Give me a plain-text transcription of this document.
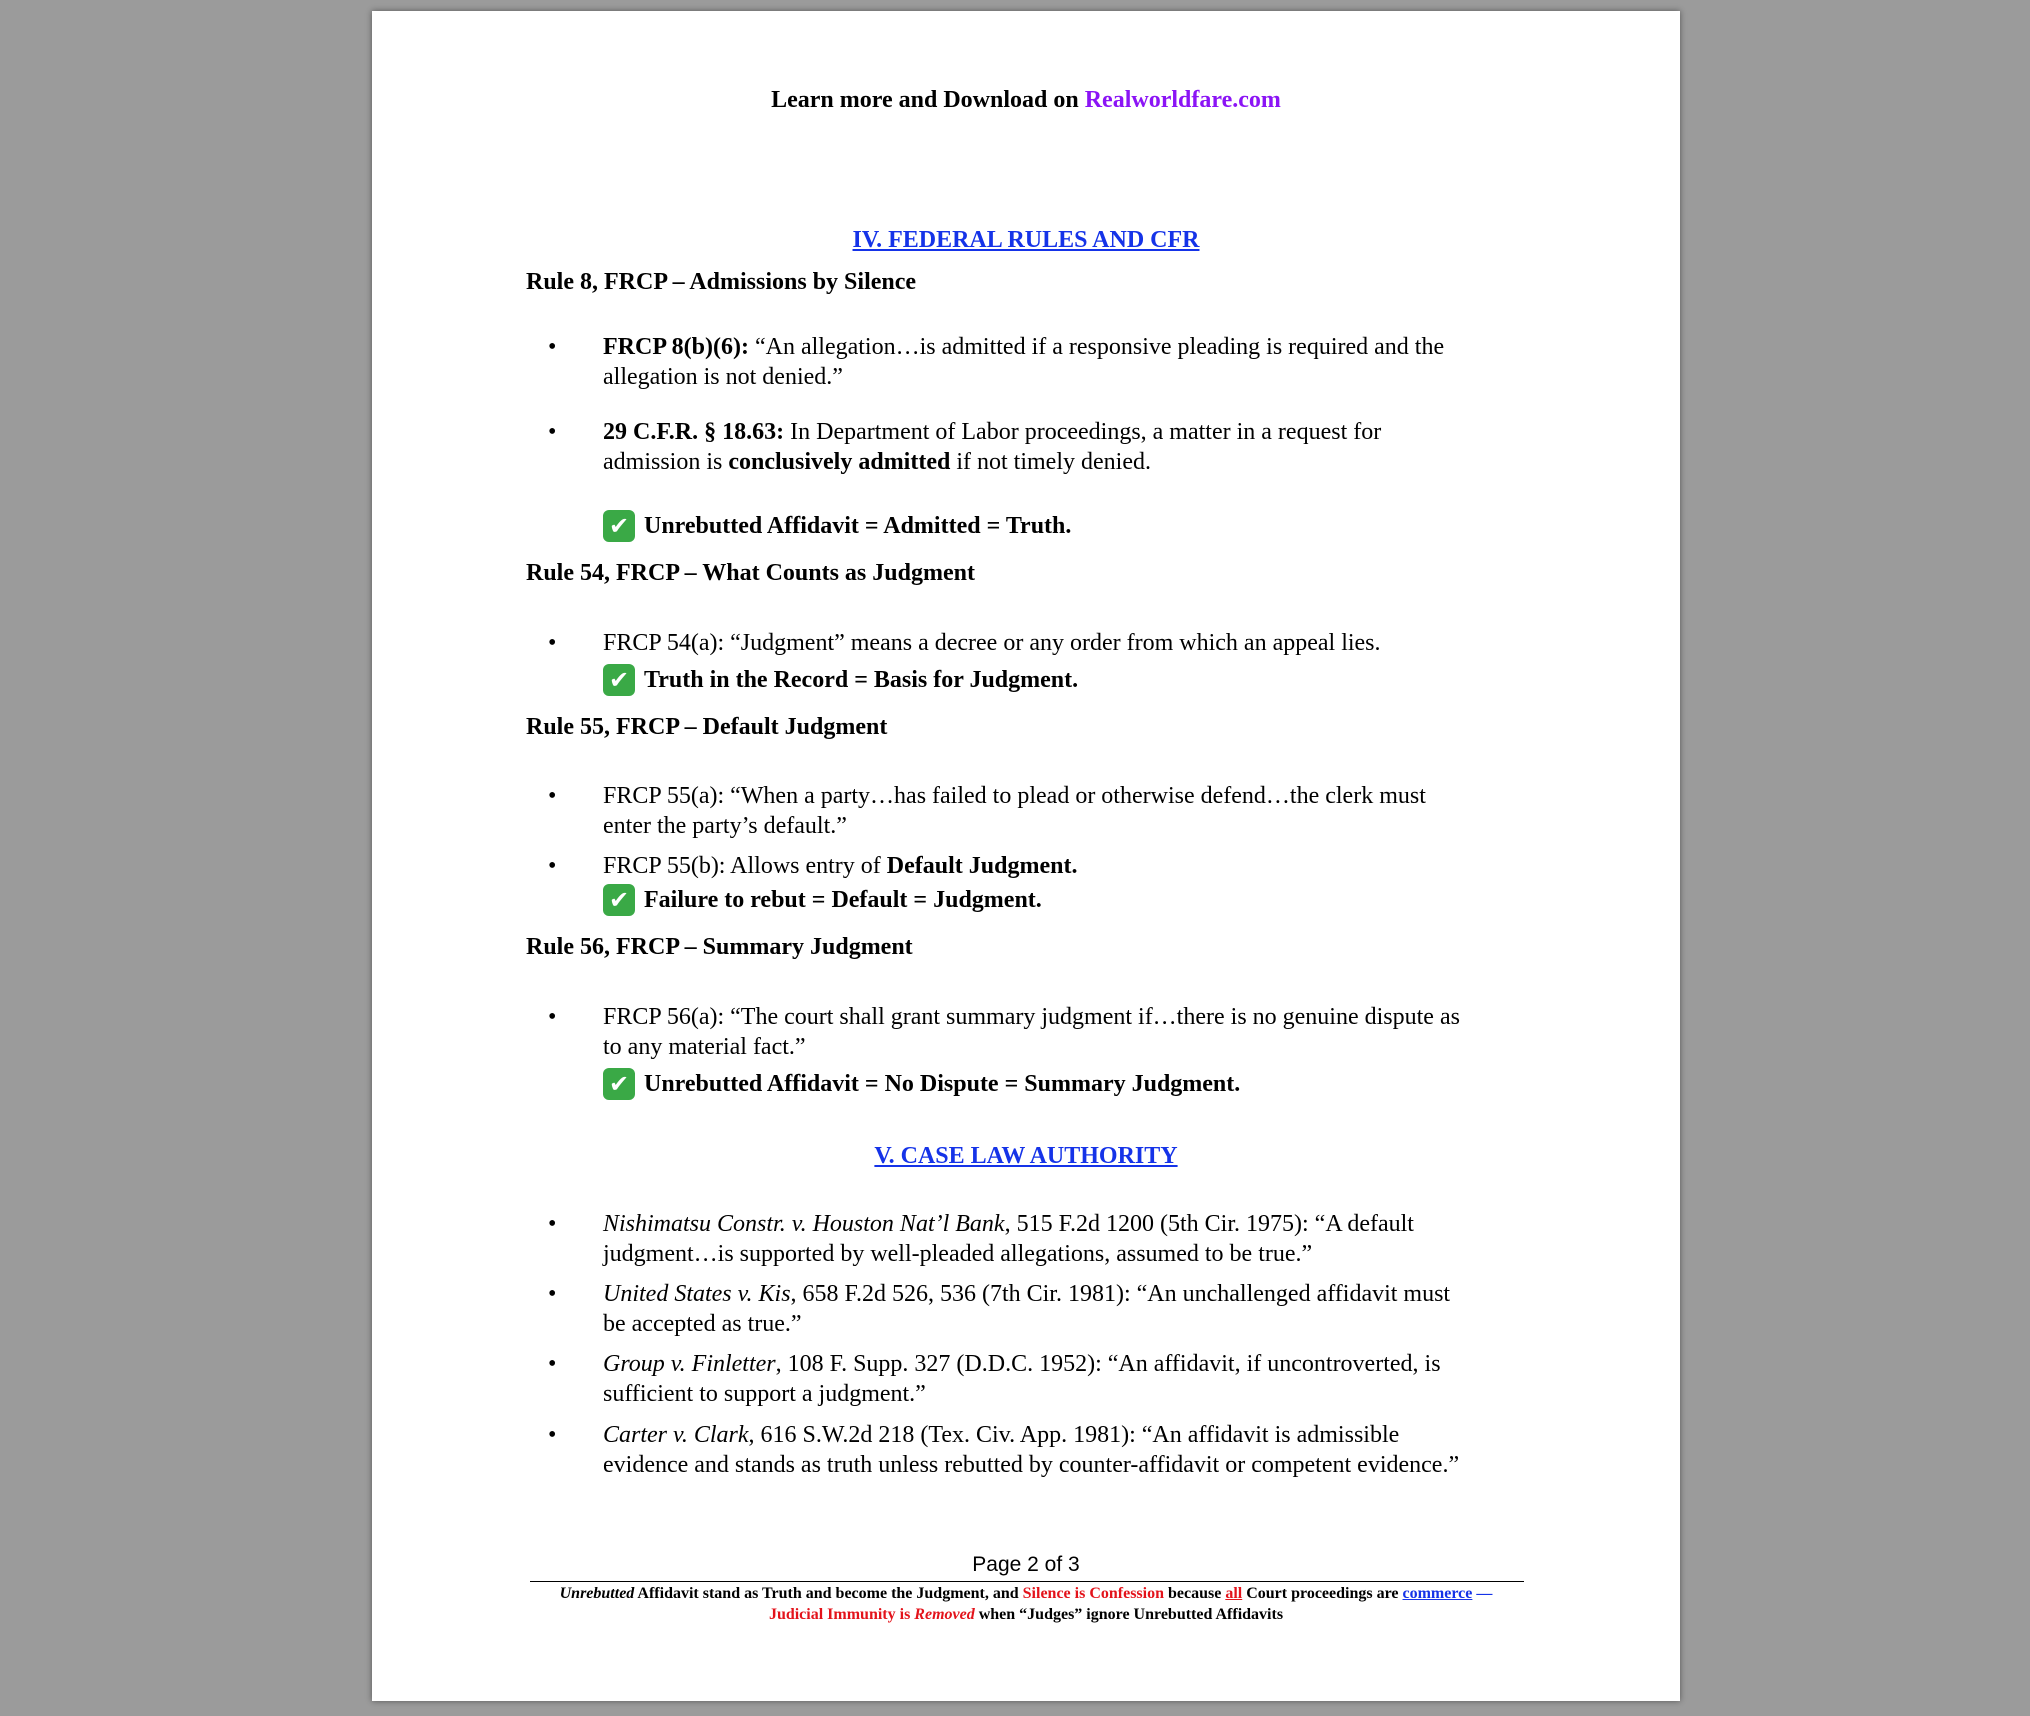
Learn more and Download on Realworldfare.com
IV. FEDERAL RULES AND CFR
Rule 8, FRCP – Admissions by Silence
• FRCP 8(b)(6): “An allegation…is admitted if a responsive pleading is required and the
allegation is not denied.”
• 29 C.F.R. § 18.63: In Department of Labor proceedings, a matter in a request for
admission is conclusively admitted if not timely denied.
✔ Unrebutted Affidavit = Admitted = Truth.
Rule 54, FRCP – What Counts as Judgment
• FRCP 54(a): “Judgment” means a decree or any order from which an appeal lies.
✔ Truth in the Record = Basis for Judgment.
Rule 55, FRCP – Default Judgment
• FRCP 55(a): “When a party…has failed to plead or otherwise defend…the clerk must
enter the party’s default.”
• FRCP 55(b): Allows entry of Default Judgment.
✔ Failure to rebut = Default = Judgment.
Rule 56, FRCP – Summary Judgment
• FRCP 56(a): “The court shall grant summary judgment if…there is no genuine dispute as
to any material fact.”
✔ Unrebutted Affidavit = No Dispute = Summary Judgment.
V. CASE LAW AUTHORITY
• Nishimatsu Constr. v. Houston Nat’l Bank, 515 F.2d 1200 (5th Cir. 1975): “A default
judgment…is supported by well-pleaded allegations, assumed to be true.”
• United States v. Kis, 658 F.2d 526, 536 (7th Cir. 1981): “An unchallenged affidavit must
be accepted as true.”
• Group v. Finletter, 108 F. Supp. 327 (D.D.C. 1952): “An affidavit, if uncontroverted, is
sufficient to support a judgment.”
• Carter v. Clark, 616 S.W.2d 218 (Tex. Civ. App. 1981): “An affidavit is admissible
evidence and stands as truth unless rebutted by counter-affidavit or competent evidence.”
Page 2 of 3
Unrebutted Affidavit stand as Truth and become the Judgment, and Silence is Confession because all Court proceedings are commerce —
Judicial Immunity is Removed when “Judges” ignore Unrebutted Affidavits
